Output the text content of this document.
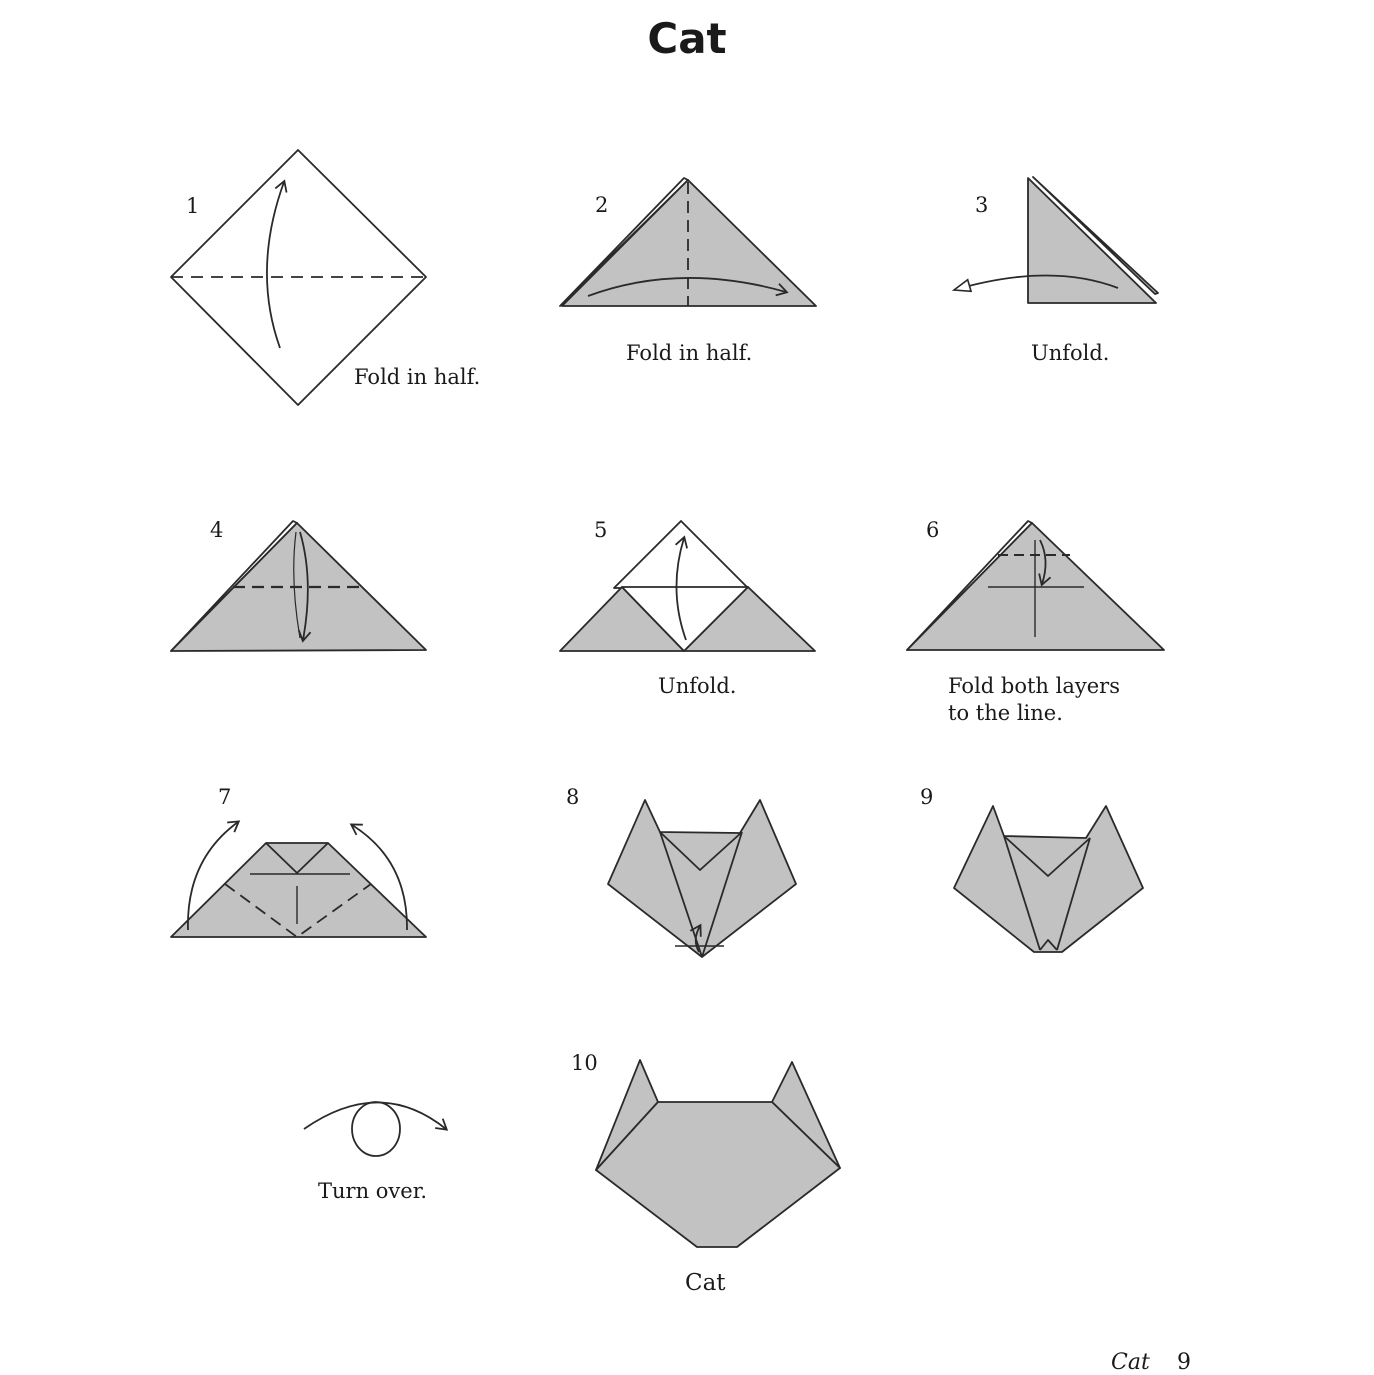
Cat
1	2	3
4	5	6
7	8	9
10
Fold in half.
Fold in half.	Unfold.
Unfold.	Fold both layers
to the line.
Turn over.
Cat
Cat 9
